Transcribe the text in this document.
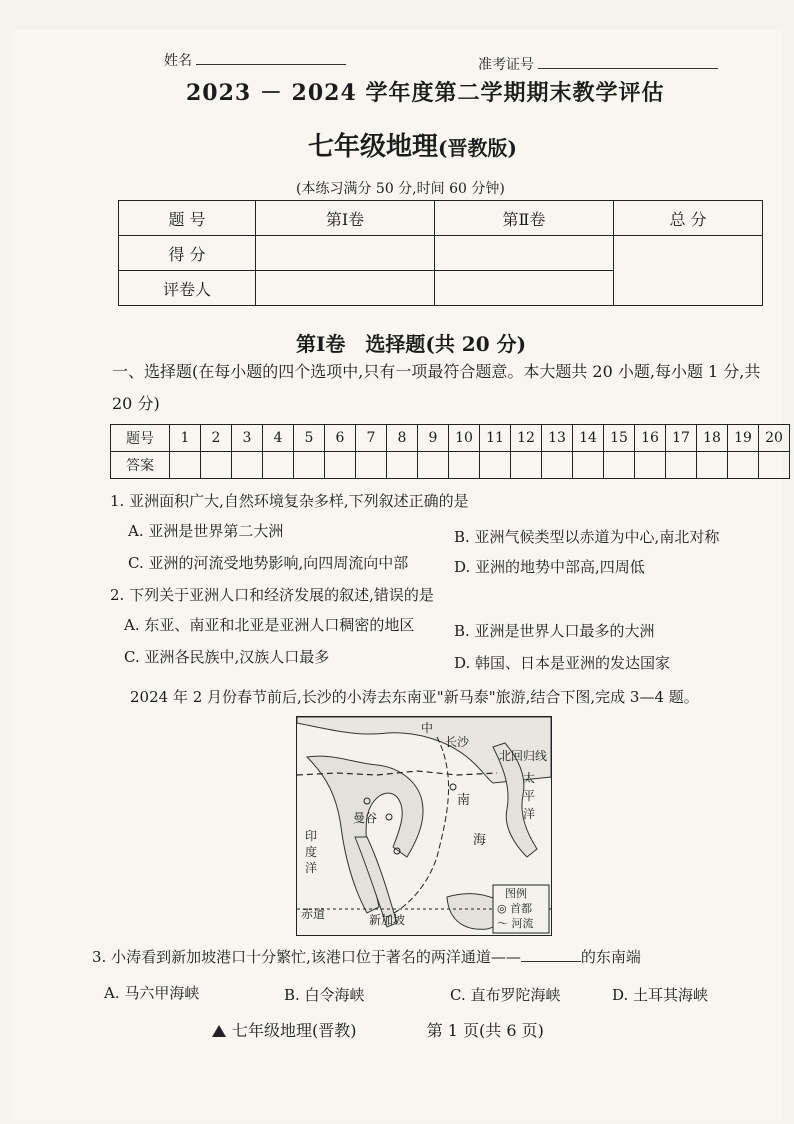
姓名	准考证号
2023 － 2024 学年度第二学期期末教学评估
七年级地理(晋教版)
(本练习满分 50 分,时间 60 分钟)
题 号	第Ⅰ卷	第Ⅱ卷	总 分
得 分			
评卷人			
第Ⅰ卷　选择题(共 20 分)
一、选择题(在每小题的四个选项中,只有一项最符合题意。本大题共 20 小题,每小题 1 分,共 20 分)
题号	1	2	3	4	5	6	7	8	9	10	11	12	13	14	15	16	17	18	19	20
答案																				
1. 亚洲面积广大,自然环境复杂多样,下列叙述正确的是
A. 亚洲是世界第二大洲	B. 亚洲气候类型以赤道为中心,南北对称
C. 亚洲的河流受地势影响,向四周流向中部	D. 亚洲的地势中部高,四周低
2. 下列关于亚洲人口和经济发展的叙述,错误的是
A. 东亚、南亚和北亚是亚洲人口稠密的地区	B. 亚洲是世界人口最多的大洲
C. 亚洲各民族中,汉族人口最多	D. 韩国、日本是亚洲的发达国家
2024 年 2 月份春节前后,长沙的小涛去东南亚"新马泰"旅游,结合下图,完成 3—4 题。
中
长沙
北回归线
太
平
洋
南
海
曼谷
印
度
洋
赤道	新加坡
图例
◎ 首都
～ 河流
3. 小涛看到新加坡港口十分繁忙,该港口位于著名的两洋通道——	的东南端
A. 马六甲海峡	B. 白令海峡	C. 直布罗陀海峡	D. 土耳其海峡
七年级地理(晋教)	第 1 页(共 6 页)
